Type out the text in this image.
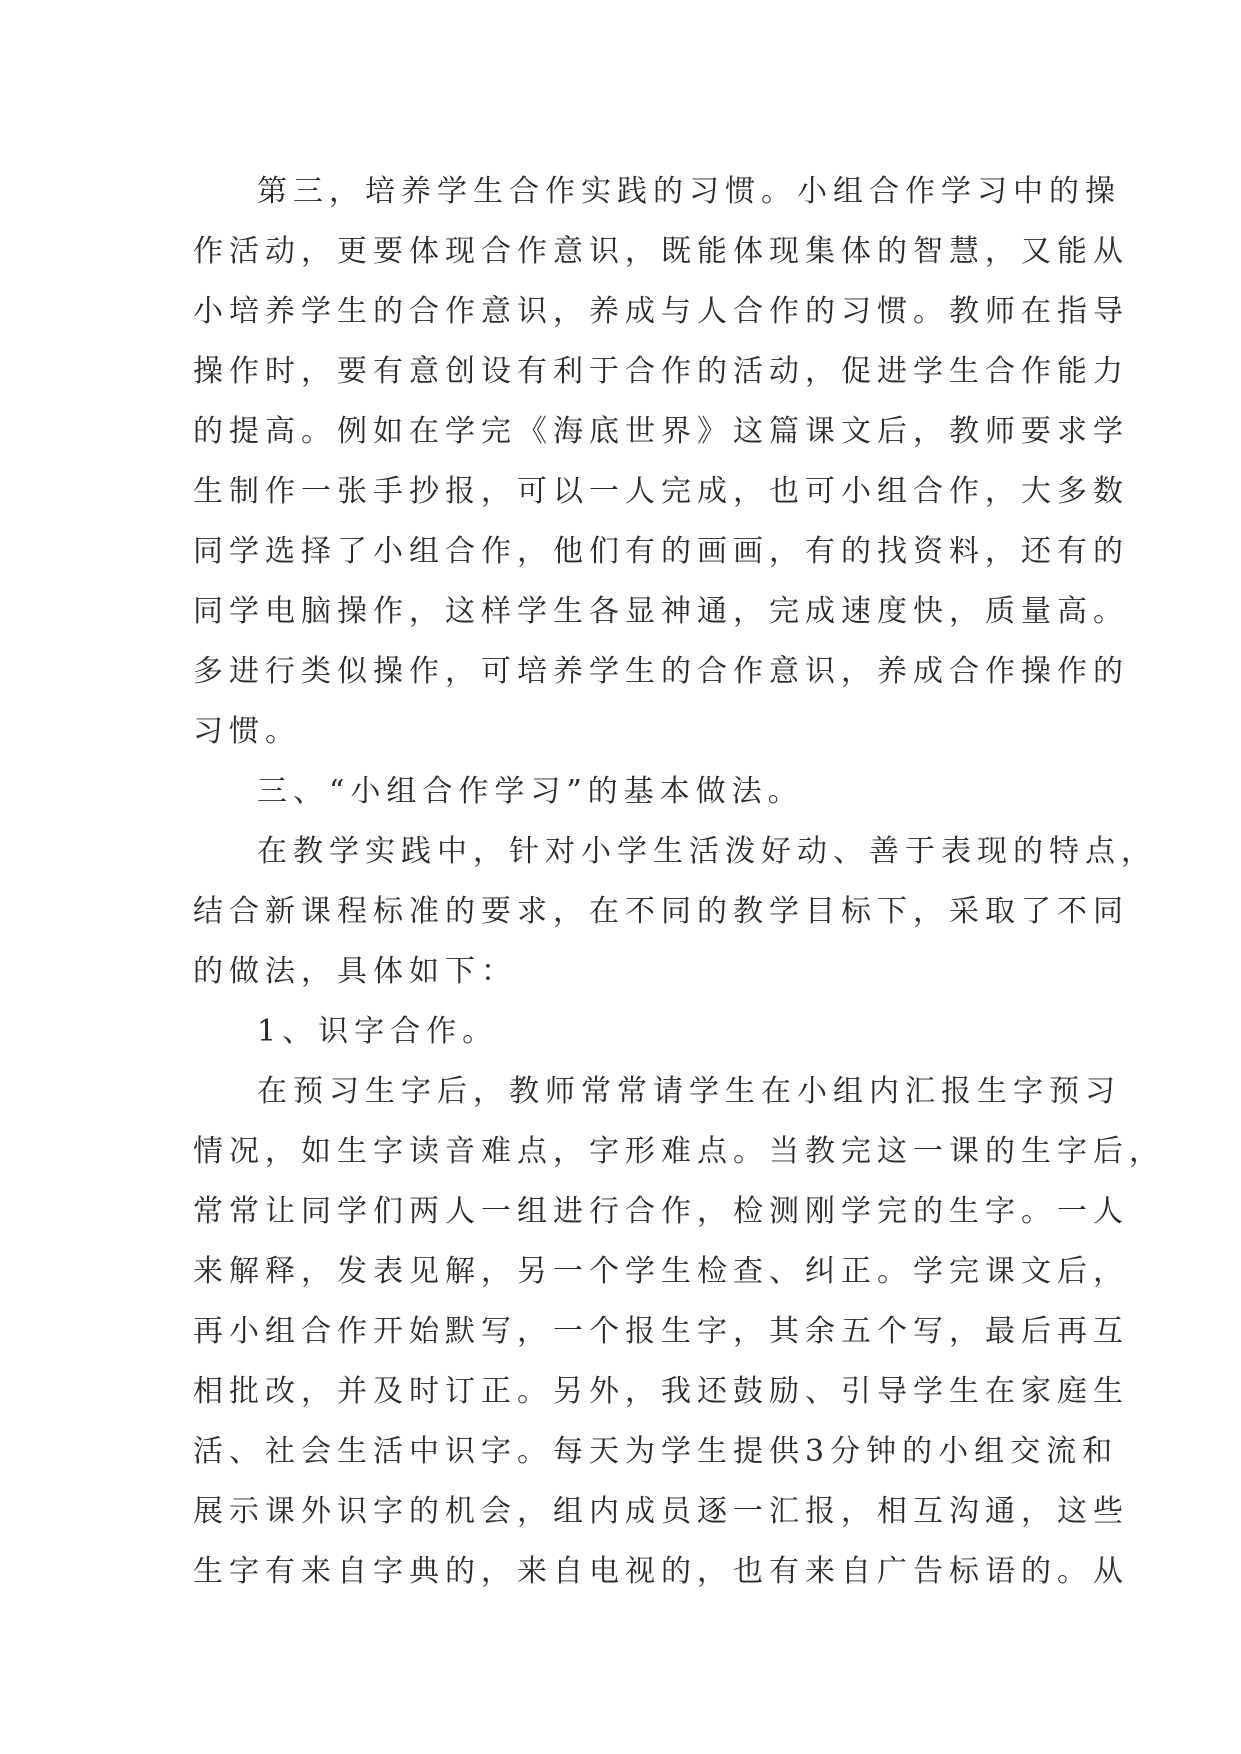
第三，培养学生合作实践的习惯。小组合作学习中的操
作活动，更要体现合作意识，既能体现集体的智慧，又能从
小培养学生的合作意识，养成与人合作的习惯。教师在指导
操作时，要有意创设有利于合作的活动，促进学生合作能力
的提高。例如在学完《海底世界》这篇课文后，教师要求学
生制作一张手抄报，可以一人完成，也可小组合作，大多数
同学选择了小组合作，他们有的画画，有的找资料，还有的
同学电脑操作，这样学生各显神通，完成速度快，质量高。
多进行类似操作，可培养学生的合作意识，养成合作操作的
习惯。
三、“小组合作学习”的基本做法。
在教学实践中，针对小学生活泼好动、善于表现的特点，
结合新课程标准的要求，在不同的教学目标下，采取了不同
的做法，具体如下：
1、识字合作。
在预习生字后，教师常常请学生在小组内汇报生字预习
情况，如生字读音难点，字形难点。当教完这一课的生字后，
常常让同学们两人一组进行合作，检测刚学完的生字。一人
来解释，发表见解，另一个学生检查、纠正。学完课文后，
再小组合作开始默写，一个报生字，其余五个写，最后再互
相批改，并及时订正。另外，我还鼓励、引导学生在家庭生
活、社会生活中识字。每天为学生提供3分钟的小组交流和
展示课外识字的机会，组内成员逐一汇报，相互沟通，这些
生字有来自字典的，来自电视的，也有来自广告标语的。从
